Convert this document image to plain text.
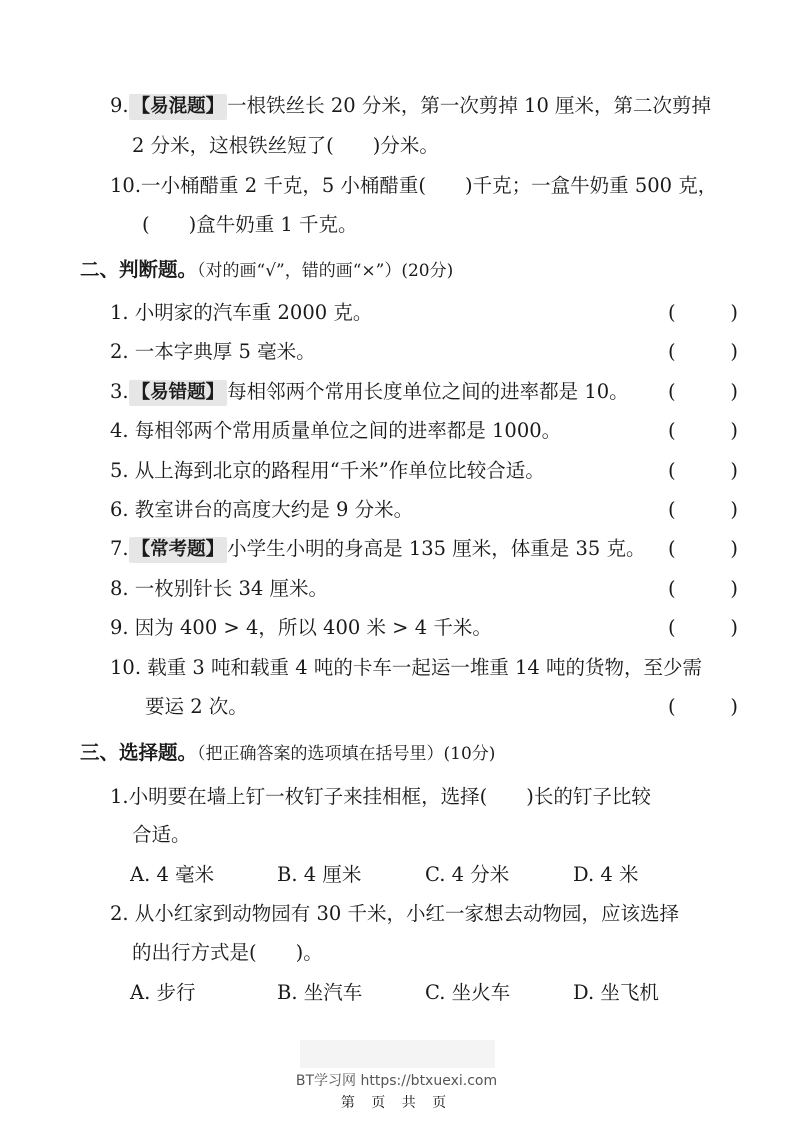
9. 【易混题】 一根铁丝长 20 分米，第一次剪掉 10 厘米，第二次剪掉
2 分米，这根铁丝短了(　　)分米。
10.一小桶醋重 2 千克，5 小桶醋重(　　)千克；一盒牛奶重 500 克，
(　　)盒牛奶重 1 千克。
二、判断题。（对的画“√”，错的画“×”）(20分)
1. 小明家的汽车重 2000 克。	(	)
2. 一本字典厚 5 毫米。	(	)
3. 【易错题】 每相邻两个常用长度单位之间的进率都是 10。 (	)
4. 每相邻两个常用质量单位之间的进率都是 1000。	(	)
5. 从上海到北京的路程用“千米”作单位比较合适。	(	)
6. 教室讲台的高度大约是 9 分米。	(	)
7. 【常考题】 小学生小明的身高是 135 厘米，体重是 35 克。 (	)
8. 一枚别针长 34 厘米。	(	)
9. 因为 400 > 4，所以 400 米 > 4 千米。	(	)
10. 载重 3 吨和载重 4 吨的卡车一起运一堆重 14 吨的货物，至少需
要运 2 次。	(	)
三、选择题。（把正确答案的选项填在括号里）(10分)
1.小明要在墙上钉一枚钉子来挂相框，选择(　　)长的钉子比较
合适。
A. 4 毫米	B. 4 厘米	C. 4 分米	D. 4 米
2. 从小红家到动物园有 30 千米，小红一家想去动物园，应该选择
的出行方式是(　　)。
A. 步行	B. 坐汽车	C. 坐火车	D. 坐飞机
BT学习网 https://btxuexi.com
第 页 共 页
